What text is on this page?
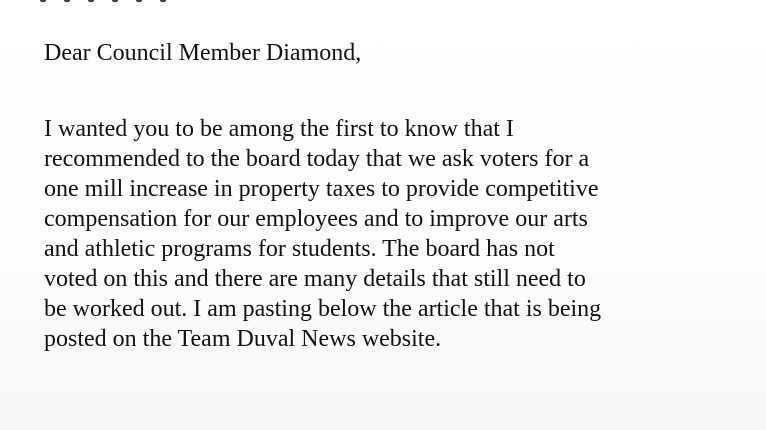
Dear Council Member Diamond,

I wanted you to be among the first to know that I

recommended to the board today that we ask voters for a

one mill increase in property taxes to provide competitive

compensation for our employees and to improve our arts

and athletic programs for students. The board has not

voted on this and there are many details that still need to

be worked out. I am pasting below the article that is being

posted on the Team Duval News website.
